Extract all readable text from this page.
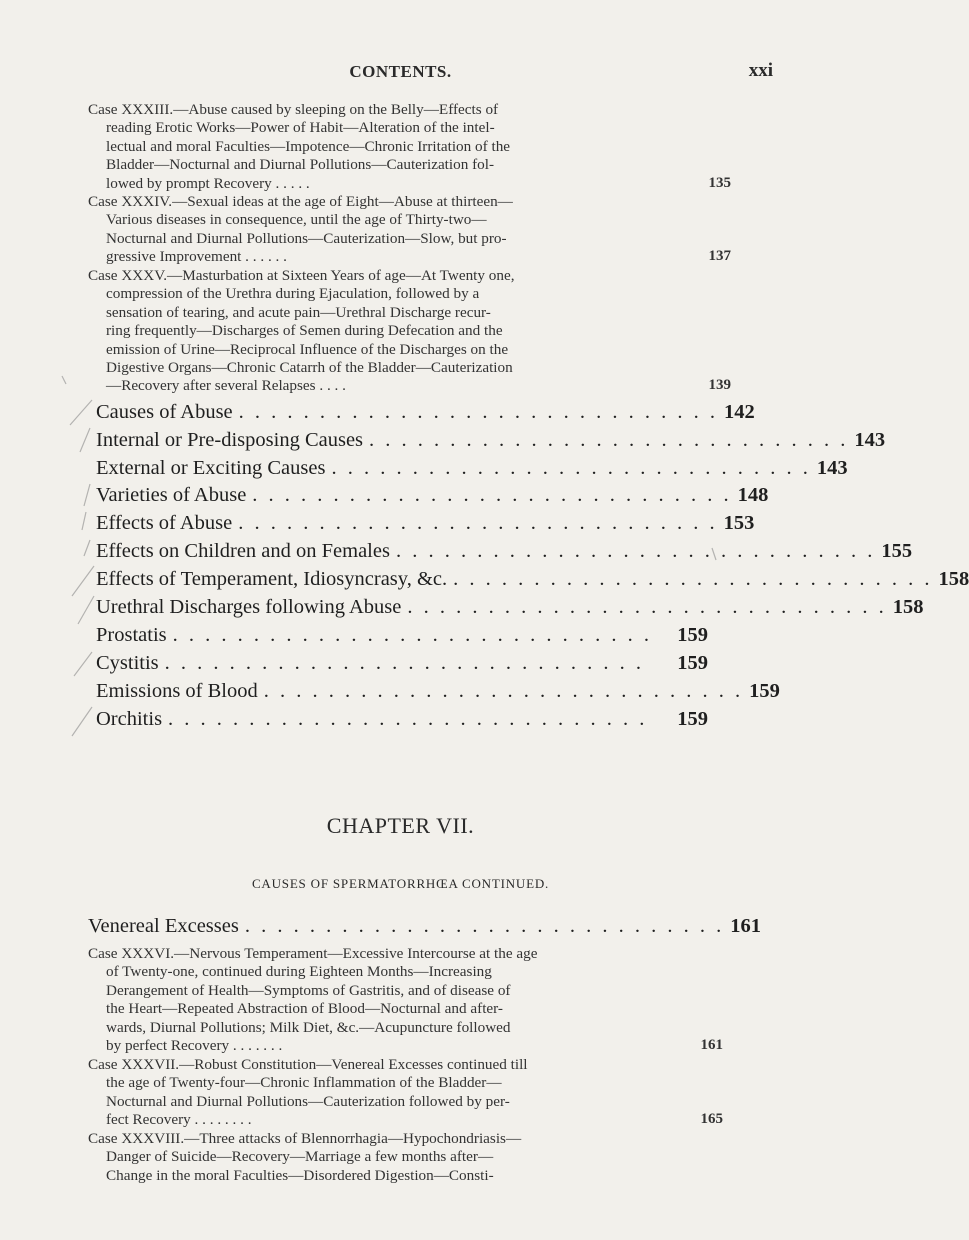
CONTENTS.	xxi
Case XXXIII.—Abuse caused by sleeping on the Belly—Effects of
reading Erotic Works—Power of Habit—Alteration of the intel-
lectual and moral Faculties—Impotence—Chronic Irritation of the
Bladder—Nocturnal and Diurnal Pollutions—Cauterization fol-
lowed by prompt Recovery . . . . .	135
Case XXXIV.—Sexual ideas at the age of Eight—Abuse at thirteen—
Various diseases in consequence, until the age of Thirty-two—
Nocturnal and Diurnal Pollutions—Cauterization—Slow, but pro-
gressive Improvement . . . . . .	137
Case XXXV.—Masturbation at Sixteen Years of age—At Twenty one,
compression of the Urethra during Ejaculation, followed by a
sensation of tearing, and acute pain—Urethral Discharge recur-
ring frequently—Discharges of Semen during Defecation and the
emission of Urine—Reciprocal Influence of the Discharges on the
Digestive Organs—Chronic Catarrh of the Bladder—Cauterization
—Recovery after several Relapses . . . .	139
Causes of Abuse . . . . . . . . . . . . . . . . . . . . . . . . . . . . . . 142
Internal or Pre-disposing Causes . . . . . . . . . . . . . . . . . . . . . . . . . . . . . . 143
External or Exciting Causes . . . . . . . . . . . . . . . . . . . . . . . . . . . . . . 143
Varieties of Abuse . . . . . . . . . . . . . . . . . . . . . . . . . . . . . . 148
Effects of Abuse . . . . . . . . . . . . . . . . . . . . . . . . . . . . . . 153
Effects on Children and on Females . . . . . . . . . . . . . . . . . . . . . . . . . . . . . . 155
Effects of Temperament, Idiosyncrasy, &c. . . . . . . . . . . . . . . . . . . . . . . . . . . . . . . 158
Urethral Discharges following Abuse . . . . . . . . . . . . . . . . . . . . . . . . . . . . . . 158
Prostatis . . . . . . . . . . . . . . . . . . . . . . . . . . . . . .	159
Cystitis . . . . . . . . . . . . . . . . . . . . . . . . . . . . . .	159
Emissions of Blood . . . . . . . . . . . . . . . . . . . . . . . . . . . . . . 159
Orchitis . . . . . . . . . . . . . . . . . . . . . . . . . . . . . .	159
CHAPTER VII.
CAUSES OF SPERMATORRHŒA CONTINUED.
Venereal Excesses . . . . . . . . . . . . . . . . . . . . . . . . . . . . . . 161
Case XXXVI.—Nervous Temperament—Excessive Intercourse at the age
of Twenty-one, continued during Eighteen Months—Increasing
Derangement of Health—Symptoms of Gastritis, and of disease of
the Heart—Repeated Abstraction of Blood—Nocturnal and after-
wards, Diurnal Pollutions; Milk Diet, &c.—Acupuncture followed
by perfect Recovery . . . . . . .	161
Case XXXVII.—Robust Constitution—Venereal Excesses continued till
the age of Twenty-four—Chronic Inflammation of the Bladder—
Nocturnal and Diurnal Pollutions—Cauterization followed by per-
fect Recovery . . . . . . . .	165
Case XXXVIII.—Three attacks of Blennorrhagia—Hypochondriasis—
Danger of Suicide—Recovery—Marriage a few months after—
Change in the moral Faculties—Disordered Digestion—Consti-
